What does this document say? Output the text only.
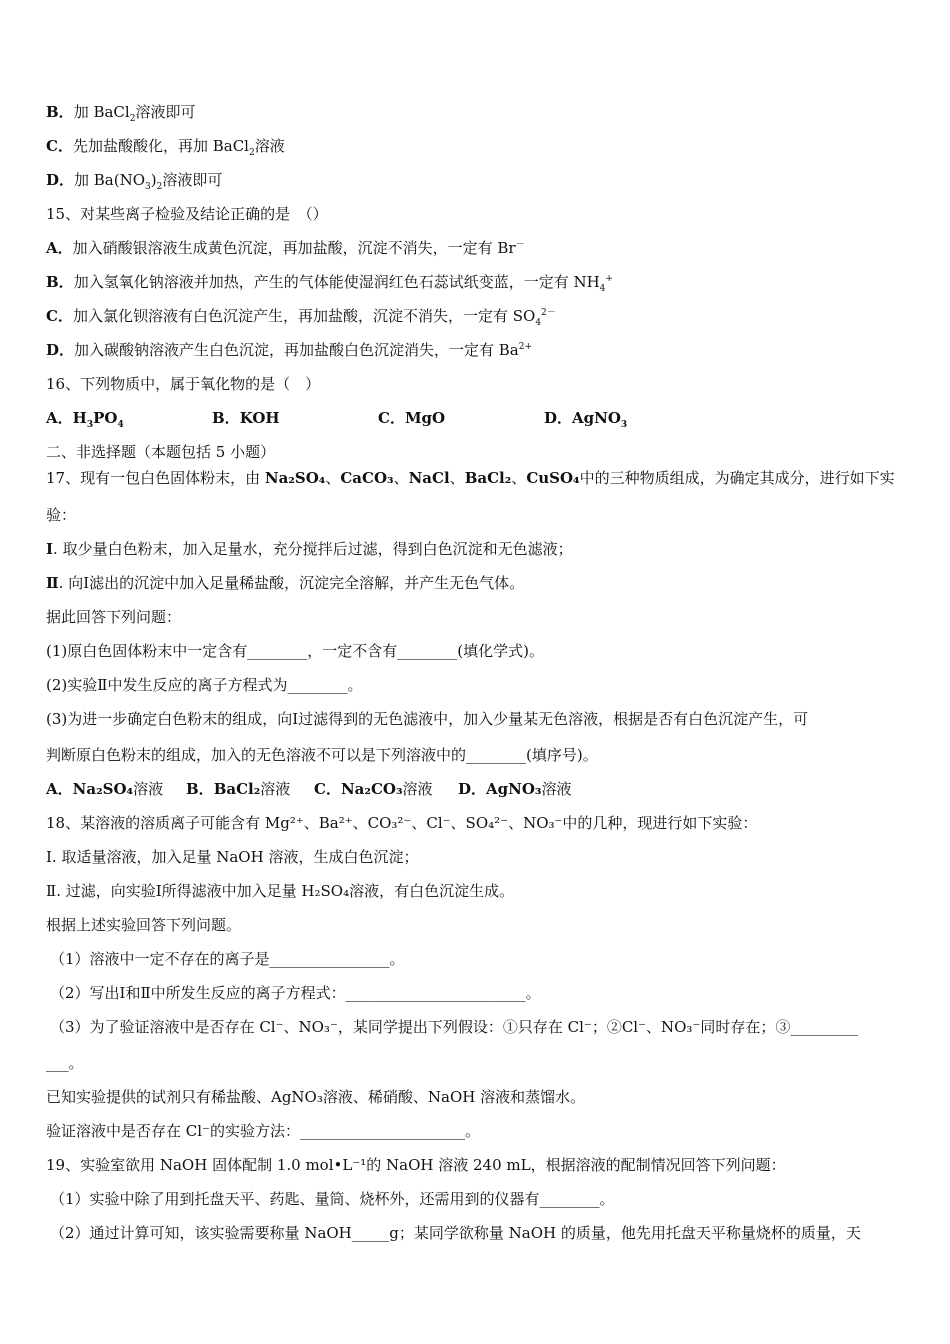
B．加 BaCl$_2$溶液即可
C．先加盐酸酸化，再加 BaCl$_2$溶液
D．加 $Ba(NO_3)_2$溶液即可
15、对某些离子检验及结论正确的是　（）
A．加入硝酸银溶液生成黄色沉淀，再加盐酸，沉淀不消失，一定有 Br－
B．加入氢氧化钠溶液并加热，产生的气体能使湿润红色石蕊试纸变蓝，一定有 $NH_4^+$
C．加入氯化钡溶液有白色沉淀产生，再加盐酸，沉淀不消失，一定有 $SO_4^{2-}$
D．加入碳酸钠溶液产生白色沉淀，再加盐酸白色沉淀消失，一定有 $Ba^{2+}$
16、下列物质中，属于氧化物的是（　）
A．$H_3PO_4$	B．KOH	C．MgO	D．AgNO$_3$
二、非选择题（本题包括 5 小题）
17、现有一包白色固体粉末，由 Na₂SO₄、CaCO₃、NaCl、BaCl₂、CuSO₄中的三种物质组成，为确定其成分，进行如下实
验：
Ⅰ. 取少量白色粉末，加入足量水，充分搅拌后过滤，得到白色沉淀和无色滤液；
Ⅱ. 向Ⅰ滤出的沉淀中加入足量稀盐酸，沉淀完全溶解，并产生无色气体。
据此回答下列问题：
(1)原白色固体粉末中一定含有________，一定不含有________(填化学式)。
(2)实验Ⅱ中发生反应的离子方程式为________。
(3)为进一步确定白色粉末的组成，向Ⅰ过滤得到的无色滤液中，加入少量某无色溶液，根据是否有白色沉淀产生，可
判断原白色粉末的组成，加入的无色溶液不可以是下列溶液中的________(填序号)。
A．Na₂SO₄溶液 B．BaCl₂溶液 C．Na₂CO₃溶液 D．AgNO₃溶液
18、某溶液的溶质离子可能含有 Mg²⁺、Ba²⁺、CO₃²⁻、Cl⁻、SO₄²⁻、NO₃⁻中的几种，现进行如下实验：
Ⅰ. 取适量溶液，加入足量 NaOH 溶液，生成白色沉淀；
Ⅱ. 过滤，向实验Ⅰ所得滤液中加入足量 H₂SO₄溶液，有白色沉淀生成。
根据上述实验回答下列问题。
（1）溶液中一定不存在的离子是________________。
（2）写出Ⅰ和Ⅱ中所发生反应的离子方程式：________________________。
（3）为了验证溶液中是否存在 Cl⁻、NO₃⁻，某同学提出下列假设：①只存在 Cl⁻；②Cl⁻、NO₃⁻同时存在；③_________
___。
已知实验提供的试剂只有稀盐酸、AgNO₃溶液、稀硝酸、NaOH 溶液和蒸馏水。
验证溶液中是否存在 Cl⁻的实验方法：______________________。
19、实验室欲用 NaOH 固体配制 1.0 mol•L⁻¹的 NaOH 溶液 240 mL，根据溶液的配制情况回答下列问题：
（1）实验中除了用到托盘天平、药匙、量筒、烧杯外，还需用到的仪器有________。
（2）通过计算可知，该实验需要称量 NaOH_____g；某同学欲称量 NaOH 的质量，他先用托盘天平称量烧杯的质量，天
